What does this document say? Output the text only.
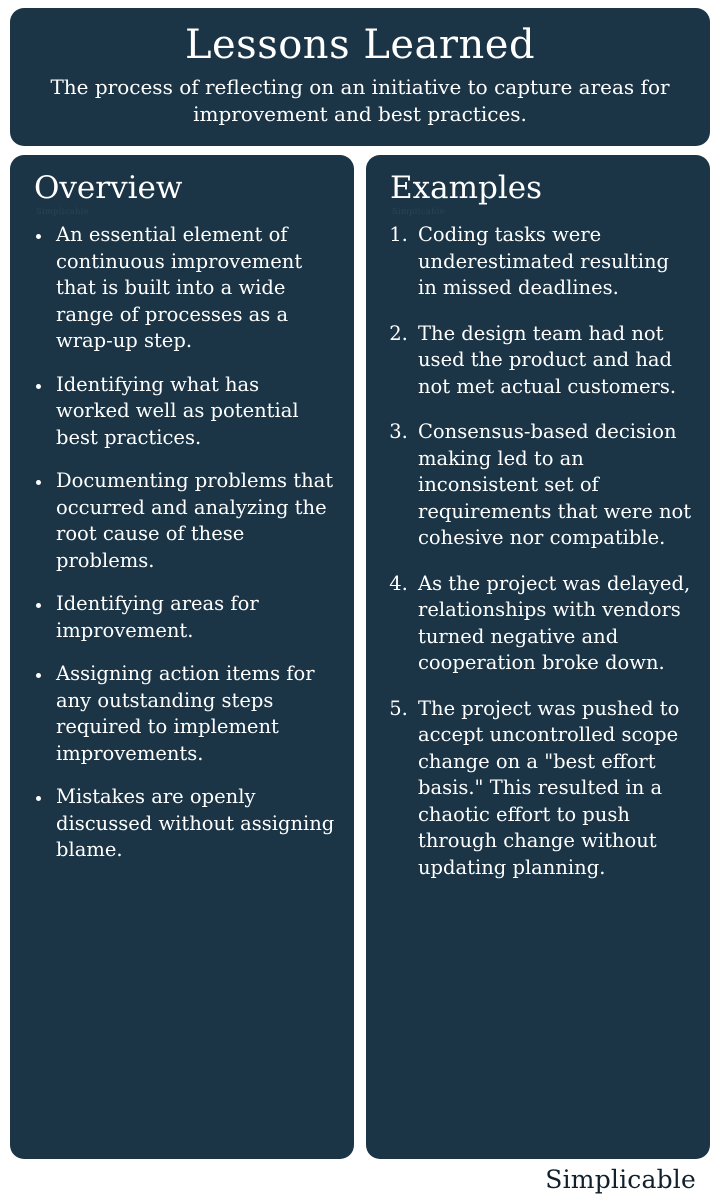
Lessons Learned
The process of reflecting on an initiative to capture areas for improvement and best practices.
Overview
Simplicable
• An essential element of continuous improvement that is built into a wide range of processes as a wrap-up step.
• Identifying what has worked well as potential best practices.
• Documenting problems that occurred and analyzing the root cause of these problems.
• Identifying areas for improvement.
• Assigning action items for any outstanding steps required to implement improvements.
• Mistakes are openly discussed without assigning blame.
Examples
Simplicable
1. Coding tasks were underestimated resulting in missed deadlines.
2. The design team had not used the product and had not met actual customers.
3. Consensus-based decision making led to an inconsistent set of requirements that were not cohesive nor compatible.
4. As the project was delayed, relationships with vendors turned negative and cooperation broke down.
5. The project was pushed to accept uncontrolled scope change on a "best effort basis." This resulted in a chaotic effort to push through change without updating planning.
Simplicable
